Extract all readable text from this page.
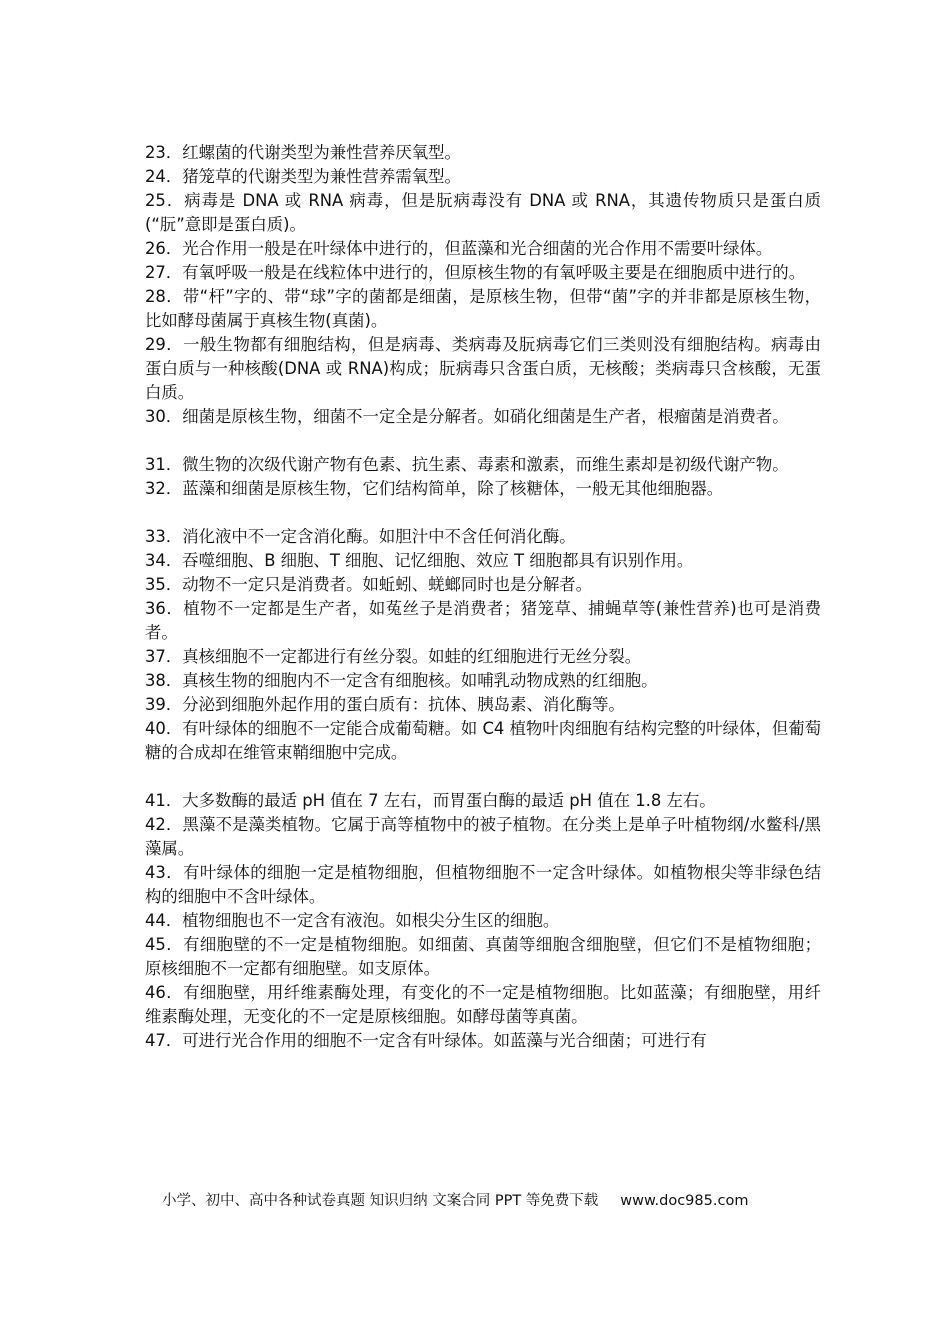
23．红螺菌的代谢类型为兼性营养厌氧型。

24．猪笼草的代谢类型为兼性营养需氧型。

25．病毒是 DNA 或 RNA 病毒，但是朊病毒没有 DNA 或 RNA，其遗传物质只是蛋白质(“朊”意即是蛋白质)。

26．光合作用一般是在叶绿体中进行的，但蓝藻和光合细菌的光合作用不需要叶绿体。

27．有氧呼吸一般是在线粒体中进行的，但原核生物的有氧呼吸主要是在细胞质中进行的。

28．带“杆”字的、带“球”字的菌都是细菌，是原核生物，但带“菌”字的并非都是原核生物，比如酵母菌属于真核生物(真菌)。

29．一般生物都有细胞结构，但是病毒、类病毒及朊病毒它们三类则没有细胞结构。病毒由蛋白质与一种核酸(DNA 或 RNA)构成；朊病毒只含蛋白质，无核酸；类病毒只含核酸，无蛋白质。

30．细菌是原核生物，细菌不一定全是分解者。如硝化细菌是生产者，根瘤菌是消费者。

31．微生物的次级代谢产物有色素、抗生素、毒素和激素，而维生素却是初级代谢产物。

32．蓝藻和细菌是原核生物，它们结构简单，除了核糖体，一般无其他细胞器。

33．消化液中不一定含消化酶。如胆汁中不含任何消化酶。

34．吞噬细胞、B 细胞、T 细胞、记忆细胞、效应 T 细胞都具有识别作用。

35．动物不一定只是消费者。如蚯蚓、蜣螂同时也是分解者。

36．植物不一定都是生产者，如菟丝子是消费者；猪笼草、捕蝇草等(兼性营养)也可是消费者。

37．真核细胞不一定都进行有丝分裂。如蛙的红细胞进行无丝分裂。

38．真核生物的细胞内不一定含有细胞核。如哺乳动物成熟的红细胞。

39．分泌到细胞外起作用的蛋白质有：抗体、胰岛素、消化酶等。

40．有叶绿体的细胞不一定能合成葡萄糖。如 C4 植物叶肉细胞有结构完整的叶绿体，但葡萄糖的合成却在维管束鞘细胞中完成。

41．大多数酶的最适 pH 值在 7 左右，而胃蛋白酶的最适 pH 值在 1.8 左右。

42．黑藻不是藻类植物。它属于高等植物中的被子植物。在分类上是单子叶植物纲/水鳖科/黑藻属。

43．有叶绿体的细胞一定是植物细胞，但植物细胞不一定含叶绿体。如植物根尖等非绿色结构的细胞中不含叶绿体。

44．植物细胞也不一定含有液泡。如根尖分生区的细胞。

45．有细胞壁的不一定是植物细胞。如细菌、真菌等细胞含细胞壁，但它们不是植物细胞；原核细胞不一定都有细胞壁。如支原体。

46．有细胞壁，用纤维素酶处理，有变化的不一定是植物细胞。比如蓝藻；有细胞壁，用纤维素酶处理，无变化的不一定是原核细胞。如酵母菌等真菌。

47．可进行光合作用的细胞不一定含有叶绿体。如蓝藻与光合细菌；可进行有

小学、初中、高中各种试卷真题 知识归纳 文案合同 PPT 等免费下载 www.doc985.com
